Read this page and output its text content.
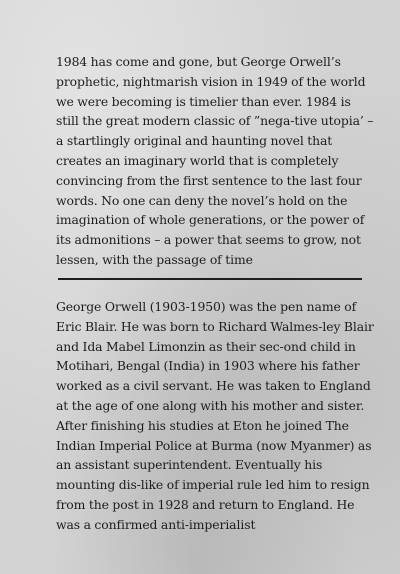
1984 has come and gone, but George Orwell’s prophetic, nightmarish vision in 1949 of the world we were becoming is timelier than ever. 1984 is still the great modern classic of ”nega-tive utopia’ – a startlingly original and haunting novel that creates an imaginary world that is completely convincing from the first sentence to the last four words. No one can deny the novel’s hold on the imagination of whole generations, or the power of its admonitions – a power that seems to grow, not lessen, with the passage of time

George Orwell (1903-1950) was the pen name of Eric Blair. He was born to Richard Walmes-ley Blair and Ida Mabel Limonzin as their sec-ond child in Motihari, Bengal (India) in 1903 where his father worked as a civil servant. He was taken to England at the age of one along with his mother and sister. After finishing his studies at Eton he joined The Indian Imperial Police at Burma (now Myanmer) as an assistant superintendent. Eventually his mounting dis-like of imperial rule led him to resign from the post in 1928 and return to England. He was a confirmed anti-imperialist
